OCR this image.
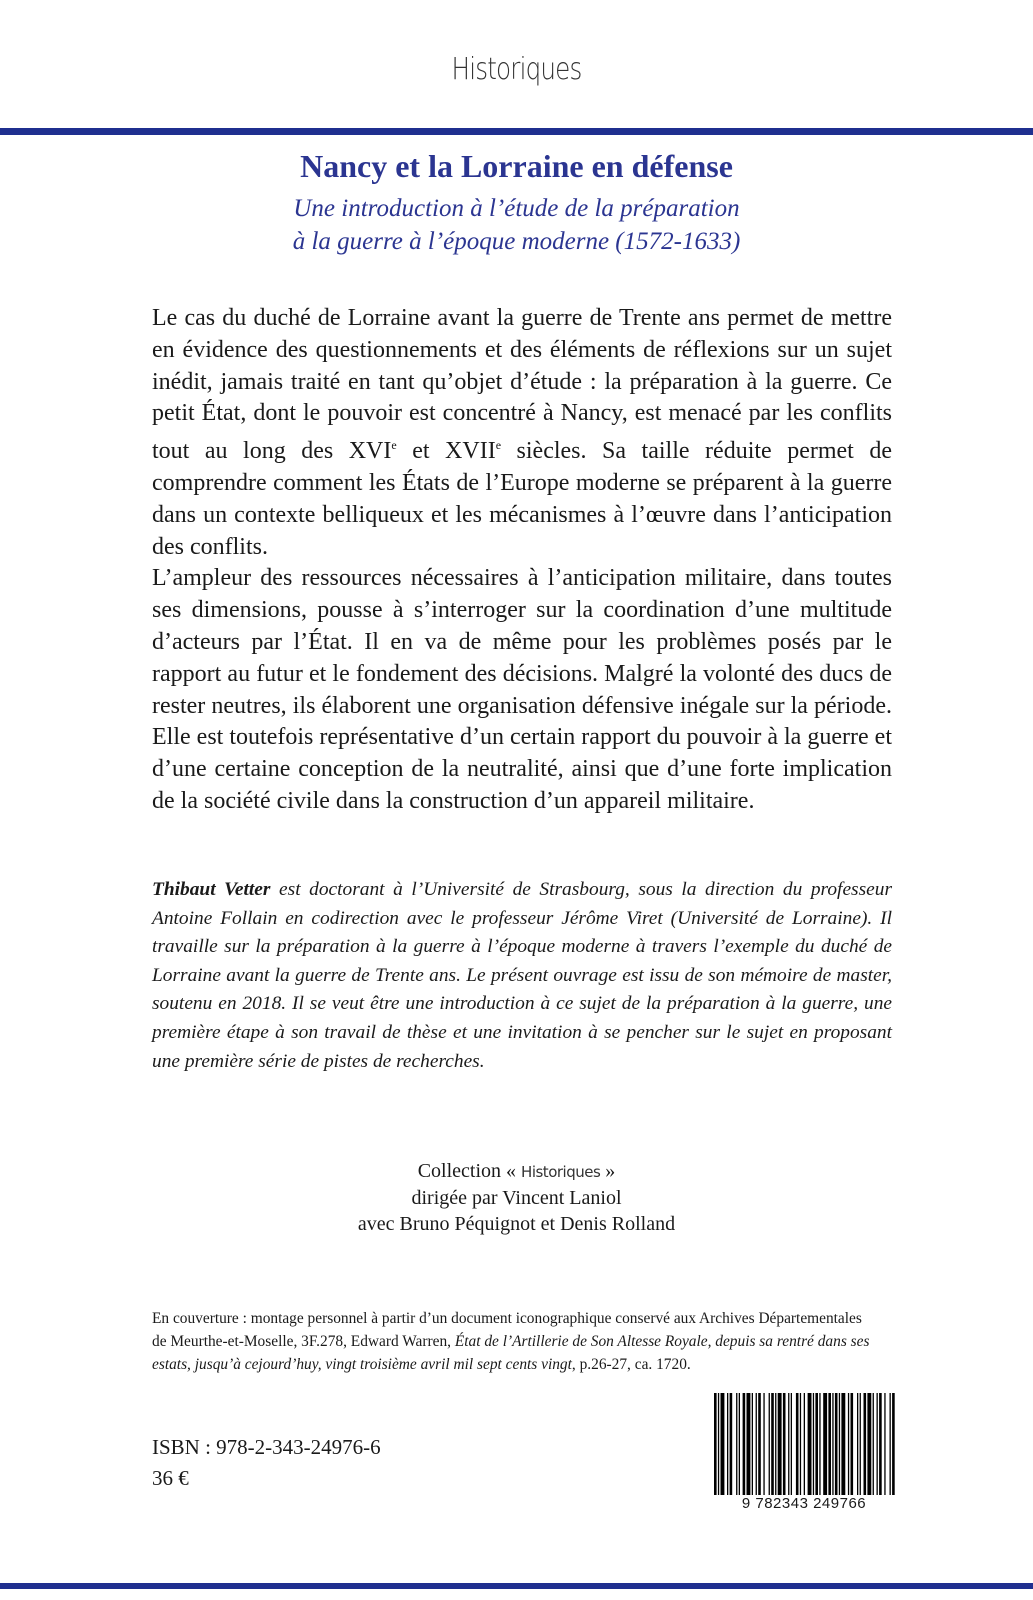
Historiques
Nancy et la Lorraine en défense
Une introduction à l’étude de la préparation
à la guerre à l’époque moderne (1572-1633)

Le cas du duché de Lorraine avant la guerre de Trente ans permet de mettre en évidence des questionnements et des éléments de réflexions sur un sujet inédit, jamais traité en tant qu’objet d’étude : la préparation à la guerre. Ce petit État, dont le pouvoir est concentré à Nancy, est menacé par les conflits tout au long des XVIe et XVIIe siècles. Sa taille réduite permet de comprendre comment les États de l’Europe moderne se préparent à la guerre dans un contexte belliqueux et les mécanismes à l’œuvre dans l’anticipation des conflits.

L’ampleur des ressources nécessaires à l’anticipation militaire, dans toutes ses dimensions, pousse à s’interroger sur la coordination d’une multitude d’acteurs par l’État. Il en va de même pour les problèmes posés par le rapport au futur et le fondement des décisions. Malgré la volonté des ducs de rester neutres, ils élaborent une organisation défensive inégale sur la période. Elle est toutefois représentative d’un certain rapport du pouvoir à la guerre et d’une certaine conception de la neutralité, ainsi que d’une forte implication de la société civile dans la construction d’un appareil militaire.

Thibaut Vetter est doctorant à l’Université de Strasbourg, sous la direction du professeur Antoine Follain en codirection avec le professeur Jérôme Viret (Université de Lorraine). Il travaille sur la préparation à la guerre à l’époque moderne à travers l’exemple du duché de Lorraine avant la guerre de Trente ans. Le présent ouvrage est issu de son mémoire de master, soutenu en 2018. Il se veut être une introduction à ce sujet de la préparation à la guerre, une première étape à son travail de thèse et une invitation à se pencher sur le sujet en proposant une première série de pistes de recherches.
Collection « Historiques »
dirigée par Vincent Laniol
avec Bruno Péquignot et Denis Rolland
En couverture : montage personnel à partir d’un document iconographique conservé aux Archives Départementales de Meurthe-et-Moselle, 3F.278, Edward Warren, État de l’Artillerie de Son Altesse Royale, depuis sa rentré dans ses estats, jusqu’à cejourd’huy, vingt troisième avril mil sept cents vingt, p.26-27, ca. 1720.
ISBN : 978-2-343-24976-6
36 €
9 782343 249766
